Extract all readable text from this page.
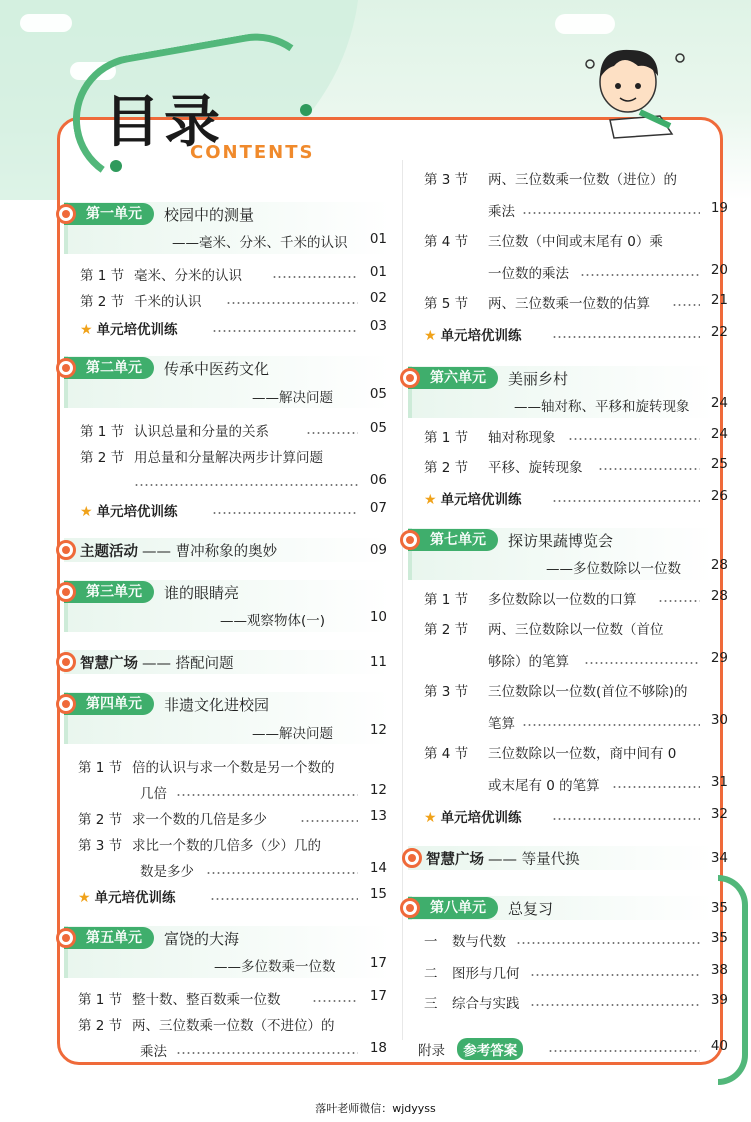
目录
CONTENTS
第一单元	校园中的测量
——毫米、分米、千米的认识	01
第 1 节 毫米、分米的认识	01
第 2 节 千米的认识	02
★ 单元培优训练	03
第二单元	传承中医药文化
——解决问题	05
第 1 节 认识总量和分量的关系	05
第 2 节 用总量和分量解决两步计算问题
06
★ 单元培优训练	07
主题活动 —— 曹冲称象的奥妙	09
第三单元	谁的眼睛亮
——观察物体(一)	10
智慧广场 —— 搭配问题	11
第四单元	非遗文化进校园
——解决问题	12
第 1 节 倍的认识与求一个数是另一个数的
几倍	12
第 2 节 求一个数的几倍是多少	13
第 3 节 求比一个数的几倍多（少）几的
数是多少	14
★ 单元培优训练	15
第五单元	富饶的大海
——多位数乘一位数	17
第 1 节 整十数、整百数乘一位数	17
第 2 节 两、三位数乘一位数（不进位）的
乘法	18
第 3 节 两、三位数乘一位数（进位）的
乘法	19
第 4 节 三位数（中间或末尾有 0）乘
一位数的乘法	20
第 5 节 两、三位数乘一位数的估算	21
★ 单元培优训练	22
第六单元	美丽乡村
——轴对称、平移和旋转现象	24
第 1 节 轴对称现象	24
第 2 节 平移、旋转现象	25
★ 单元培优训练	26
第七单元	探访果蔬博览会
——多位数除以一位数	28
第 1 节 多位数除以一位数的口算	28
第 2 节 两、三位数除以一位数（首位
够除）的笔算	29
第 3 节 三位数除以一位数(首位不够除)的
笔算	30
第 4 节 三位数除以一位数，商中间有 0
或末尾有 0 的笔算	31
★ 单元培优训练	32
智慧广场 —— 等量代换	34
第八单元	总复习	35
一 数与代数	35
二 图形与几何	38
三 综合与实践	39
附录 参考答案	40
落叶老师微信：wjdyyss
